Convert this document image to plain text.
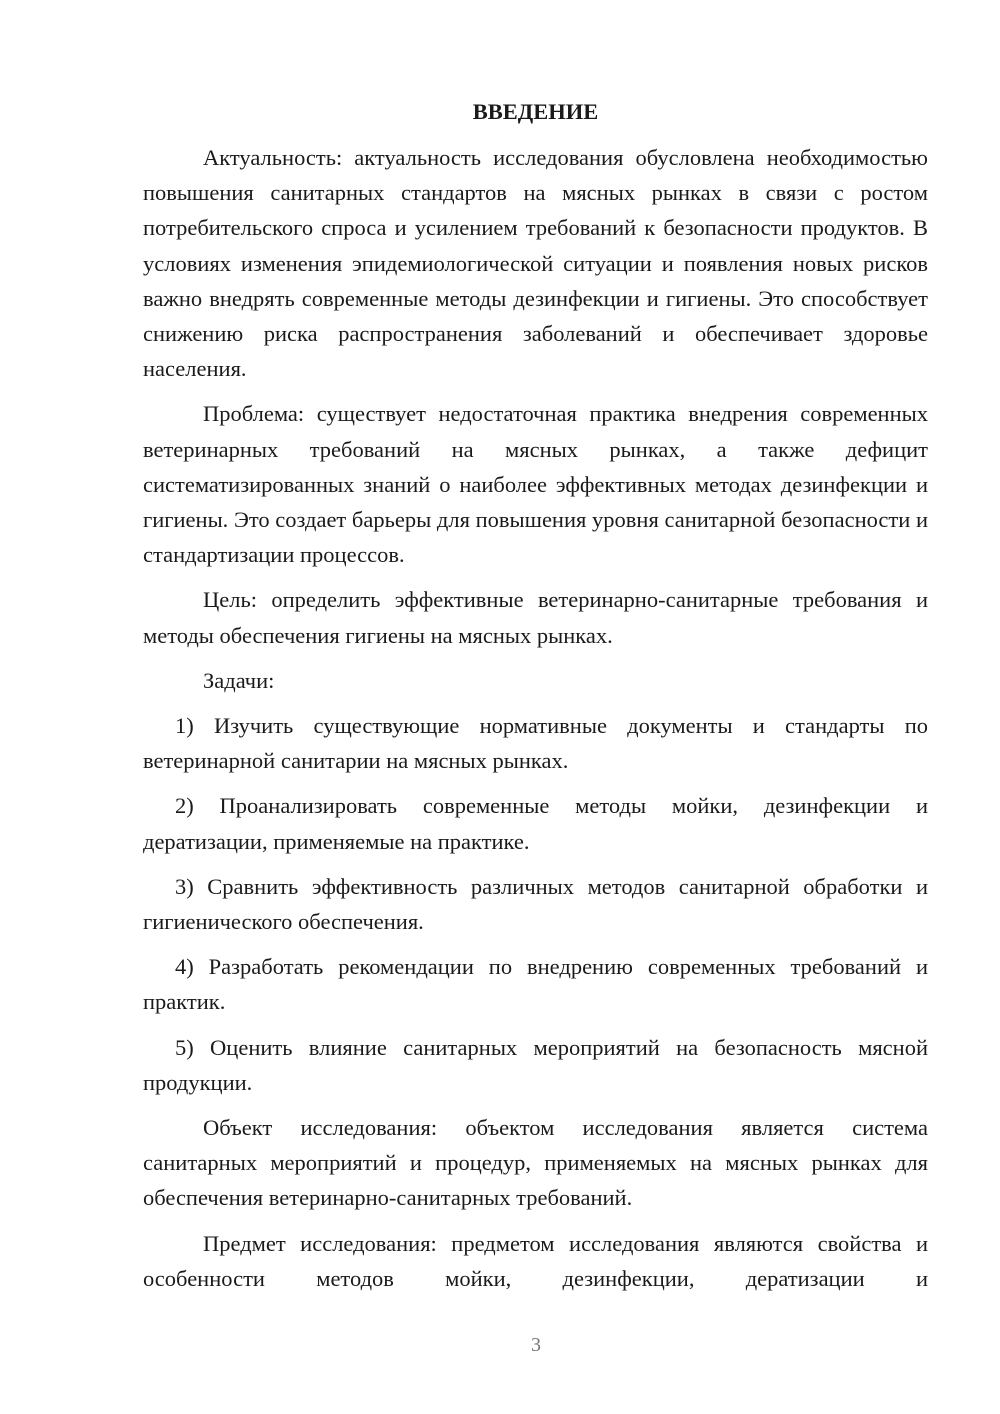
ВВЕДЕНИЕ

Актуальность: актуальность исследования обусловлена необходимостью повышения санитарных стандартов на мясных рынках в связи с ростом потребительского спроса и усилением требований к безопасности продуктов. В условиях изменения эпидемиологической ситуации и появления новых рисков важно внедрять современные методы дезинфекции и гигиены. Это способствует снижению риска распространения заболеваний и обеспечивает здоровье населения.

Проблема: существует недостаточная практика внедрения современных ветеринарных требований на мясных рынках, а также дефицит систематизированных знаний о наиболее эффективных методах дезинфекции и гигиены. Это создает барьеры для повышения уровня санитарной безопасности и стандартизации процессов.

Цель: определить эффективные ветеринарно-санитарные требования и методы обеспечения гигиены на мясных рынках.

Задачи:

1) Изучить существующие нормативные документы и стандарты по ветеринарной санитарии на мясных рынках.

2) Проанализировать современные методы мойки, дезинфекции и дератизации, применяемые на практике.

3) Сравнить эффективность различных методов санитарной обработки и гигиенического обеспечения.

4) Разработать рекомендации по внедрению современных требований и практик.

5) Оценить влияние санитарных мероприятий на безопасность мясной продукции.

Объект исследования: объектом исследования является система санитарных мероприятий и процедур, применяемых на мясных рынках для обеспечения ветеринарно-санитарных требований.

Предмет исследования: предметом исследования являются свойства и особенности методов мойки, дезинфекции, дератизации и

3
